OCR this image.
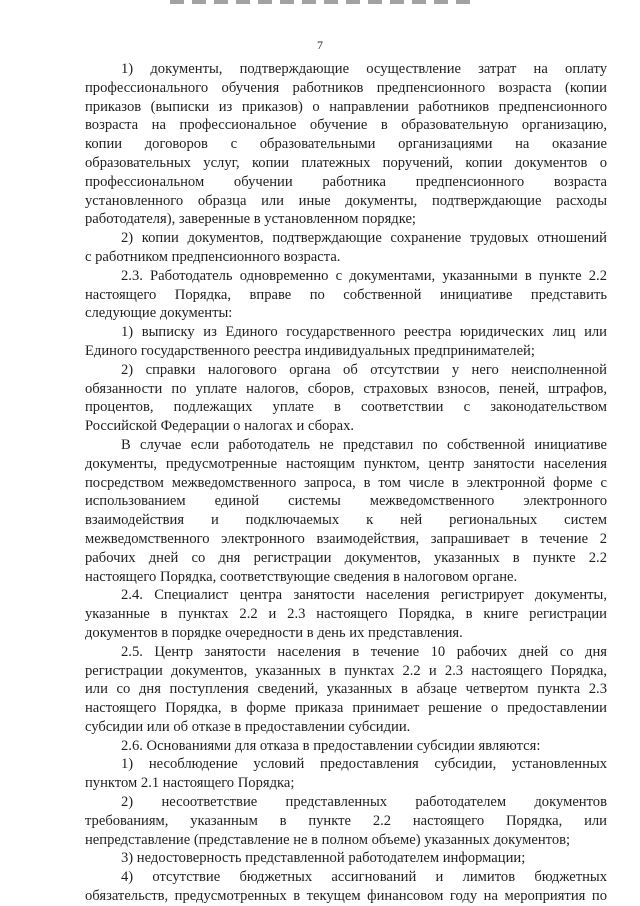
7
1) документы, подтверждающие осуществление затрат на оплату
профессионального обучения работников предпенсионного возраста (копии
приказов (выписки из приказов) о направлении работников предпенсионного
возраста на профессиональное обучение в образовательную организацию,
копии договоров с образовательными организациями на оказание
образовательных услуг, копии платежных поручений, копии документов о
профессиональном обучении работника предпенсионного возраста
установленного образца или иные документы, подтверждающие расходы
работодателя), заверенные в установленном порядке;
2) копии документов, подтверждающие сохранение трудовых отношений
с работником предпенсионного возраста.
2.3. Работодатель одновременно с документами, указанными в пункте 2.2
настоящего Порядка, вправе по собственной инициативе представить
следующие документы:
1) выписку из Единого государственного реестра юридических лиц или
Единого государственного реестра индивидуальных предпринимателей;
2) справки налогового органа об отсутствии у него неисполненной
обязанности по уплате налогов, сборов, страховых взносов, пеней, штрафов,
процентов, подлежащих уплате в соответствии с законодательством
Российской Федерации о налогах и сборах.
В случае если работодатель не представил по собственной инициативе
документы, предусмотренные настоящим пунктом, центр занятости населения
посредством межведомственного запроса, в том числе в электронной форме с
использованием единой системы межведомственного электронного
взаимодействия и подключаемых к ней региональных систем
межведомственного электронного взаимодействия, запрашивает в течение 2
рабочих дней со дня регистрации документов, указанных в пункте 2.2
настоящего Порядка, соответствующие сведения в налоговом органе.
2.4. Специалист центра занятости населения регистрирует документы,
указанные в пунктах 2.2 и 2.3 настоящего Порядка, в книге регистрации
документов в порядке очередности в день их представления.
2.5. Центр занятости населения в течение 10 рабочих дней со дня
регистрации документов, указанных в пунктах 2.2 и 2.3 настоящего Порядка,
или со дня поступления сведений, указанных в абзаце четвертом пункта 2.3
настоящего Порядка, в форме приказа принимает решение о предоставлении
субсидии или об отказе в предоставлении субсидии.
2.6. Основаниями для отказа в предоставлении субсидии являются:
1) несоблюдение условий предоставления субсидии, установленных
пунктом 2.1 настоящего Порядка;
2) несоответствие представленных работодателем документов
требованиям, указанным в пункте 2.2 настоящего Порядка, или
непредставление (представление не в полном объеме) указанных документов;
3) недостоверность представленной работодателем информации;
4) отсутствие бюджетных ассигнований и лимитов бюджетных
обязательств, предусмотренных в текущем финансовом году на мероприятия по
